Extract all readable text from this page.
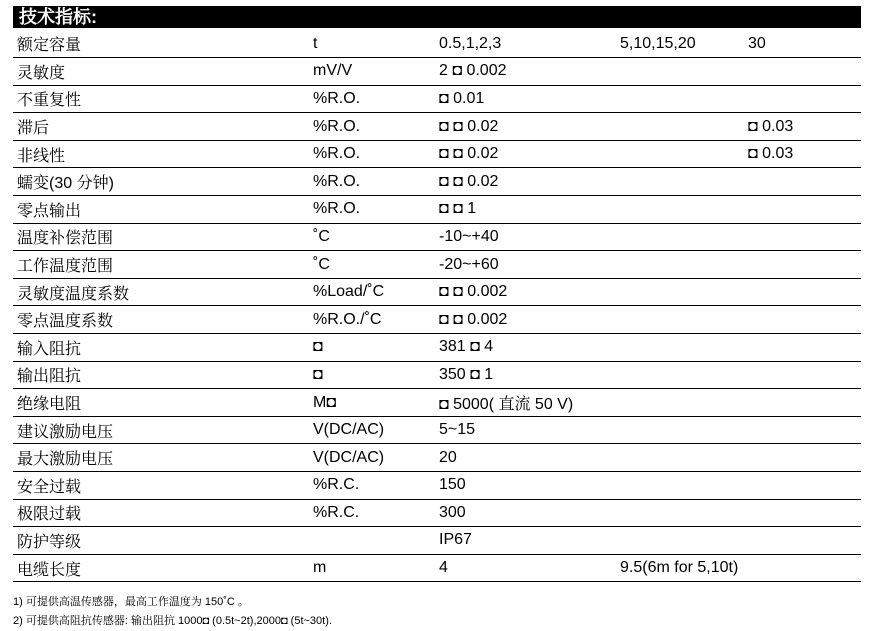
技术指标:
额定容量	t	0.5,1,2,3	5,10,15,20	30
灵敏度	mV/V	2 ◘ 0.002		
不重复性	%R.O.	◘ 0.01		
滞后	%R.O.	◘ ◘ 0.02		◘ 0.03
非线性	%R.O.	◘ ◘ 0.02		◘ 0.03
蠕变(30 分钟)	%R.O.	◘ ◘ 0.02		
零点输出	%R.O.	◘ ◘ 1		
温度补偿范围	˚C	-10~+40		
工作温度范围	˚C	-20~+60		
灵敏度温度系数	%Load/˚C	◘ ◘ 0.002		
零点温度系数	%R.O./˚C	◘ ◘ 0.002		
输入阻抗	◘	381 ◘ 4		
输出阻抗	◘	350 ◘ 1		
绝缘电阻	M◘	◘ 5000( 直流 50 V)		
建议激励电压	V(DC/AC)	5~15		
最大激励电压	V(DC/AC)	20		
安全过载	%R.C.	150		
极限过载	%R.C.	300		
防护等级		IP67		
电缆长度	m	4	9.5(6m for 5,10t)	
1) 可提供高温传感器，最高工作温度为 150˚C 。
2) 可提供高阻抗传感器: 输出阻抗 1000◘ (0.5t~2t),2000◘ (5t~30t).
